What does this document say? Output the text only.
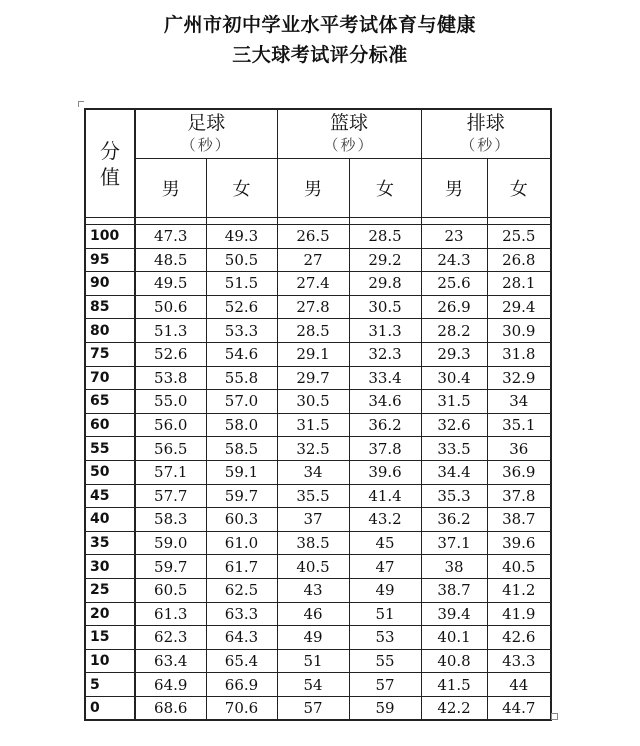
广州市初中学业水平考试体育与健康
三大球考试评分标准
分
值	足球
（秒）		篮球
（秒）		排球
（秒）	

	男	女	男	女	男	女

100	47.3	49.3	26.5	28.5	23	25.5
95	48.5	50.5	27	29.2	24.3	26.8
90	49.5	51.5	27.4	29.8	25.6	28.1
85	50.6	52.6	27.8	30.5	26.9	29.4
80	51.3	53.3	28.5	31.3	28.2	30.9
75	52.6	54.6	29.1	32.3	29.3	31.8
70	53.8	55.8	29.7	33.4	30.4	32.9
65	55.0	57.0	30.5	34.6	31.5	34
60	56.0	58.0	31.5	36.2	32.6	35.1
55	56.5	58.5	32.5	37.8	33.5	36
50	57.1	59.1	34	39.6	34.4	36.9
45	57.7	59.7	35.5	41.4	35.3	37.8
40	58.3	60.3	37	43.2	36.2	38.7
35	59.0	61.0	38.5	45	37.1	39.6
30	59.7	61.7	40.5	47	38	40.5
25	60.5	62.5	43	49	38.7	41.2
20	61.3	63.3	46	51	39.4	41.9
15	62.3	64.3	49	53	40.1	42.6
10	63.4	65.4	51	55	40.8	43.3
5	64.9	66.9	54	57	41.5	44
0	68.6	70.6	57	59	42.2	44.7
